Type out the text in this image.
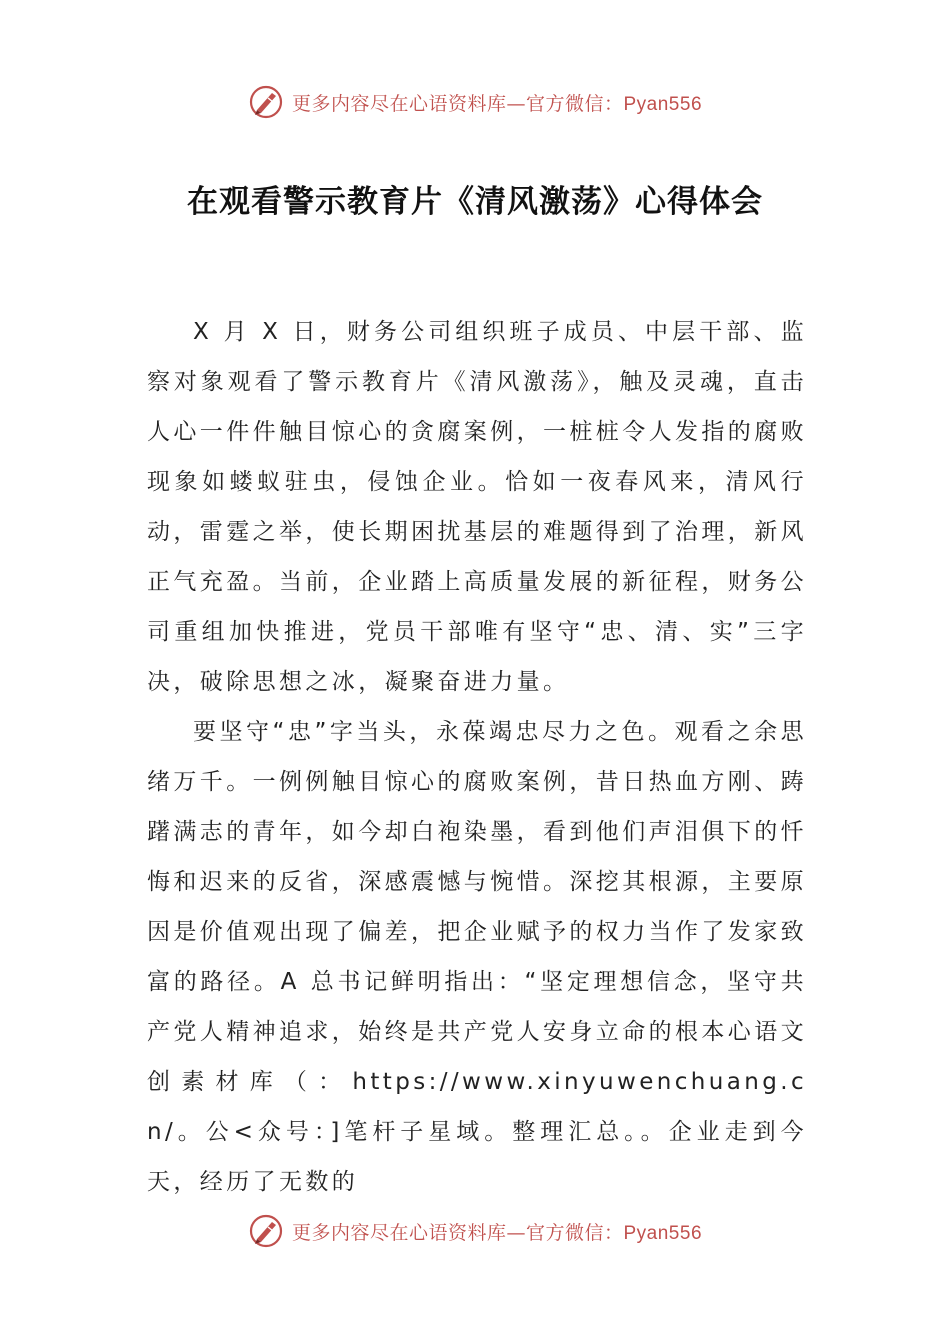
更多内容尽在心语资料库—官方微信：Pyan556
在观看警示教育片《清风激荡》心得体会

X 月 X 日，财务公司组织班子成员、中层干部、监察对象观看了警示教育片《清风激荡》，触及灵魂，直击人心一件件触目惊心的贪腐案例，一桩桩令人发指的腐败现象如蝼蚁驻虫，侵蚀企业。恰如一夜春风来，清风行动，雷霆之举，使长期困扰基层的难题得到了治理，新风正气充盈。当前，企业踏上高质量发展的新征程，财务公司重组加快推进，党员干部唯有坚守“忠、清、实”三字决，破除思想之冰，凝聚奋进力量。

要坚守“忠”字当头，永葆竭忠尽力之色。观看之余思绪万千。一例例触目惊心的腐败案例，昔日热血方刚、踌躇满志的青年，如今却白袍染墨，看到他们声泪俱下的忏悔和迟来的反省，深感震憾与惋惜。深挖其根源，主要原因是价值观出现了偏差，把企业赋予的权力当作了发家致富的路径。A 总书记鲜明指出：“坚定理想信念，坚守共产党人精神追求，始终是共产党人安身立命的根本心语文创素材库（：https://www.xinyuwenchuang.cn/。公<众号：]笔杆子星域。整理汇总。。企业走到今天，经历了无数的

更多内容尽在心语资料库—官方微信：Pyan556
